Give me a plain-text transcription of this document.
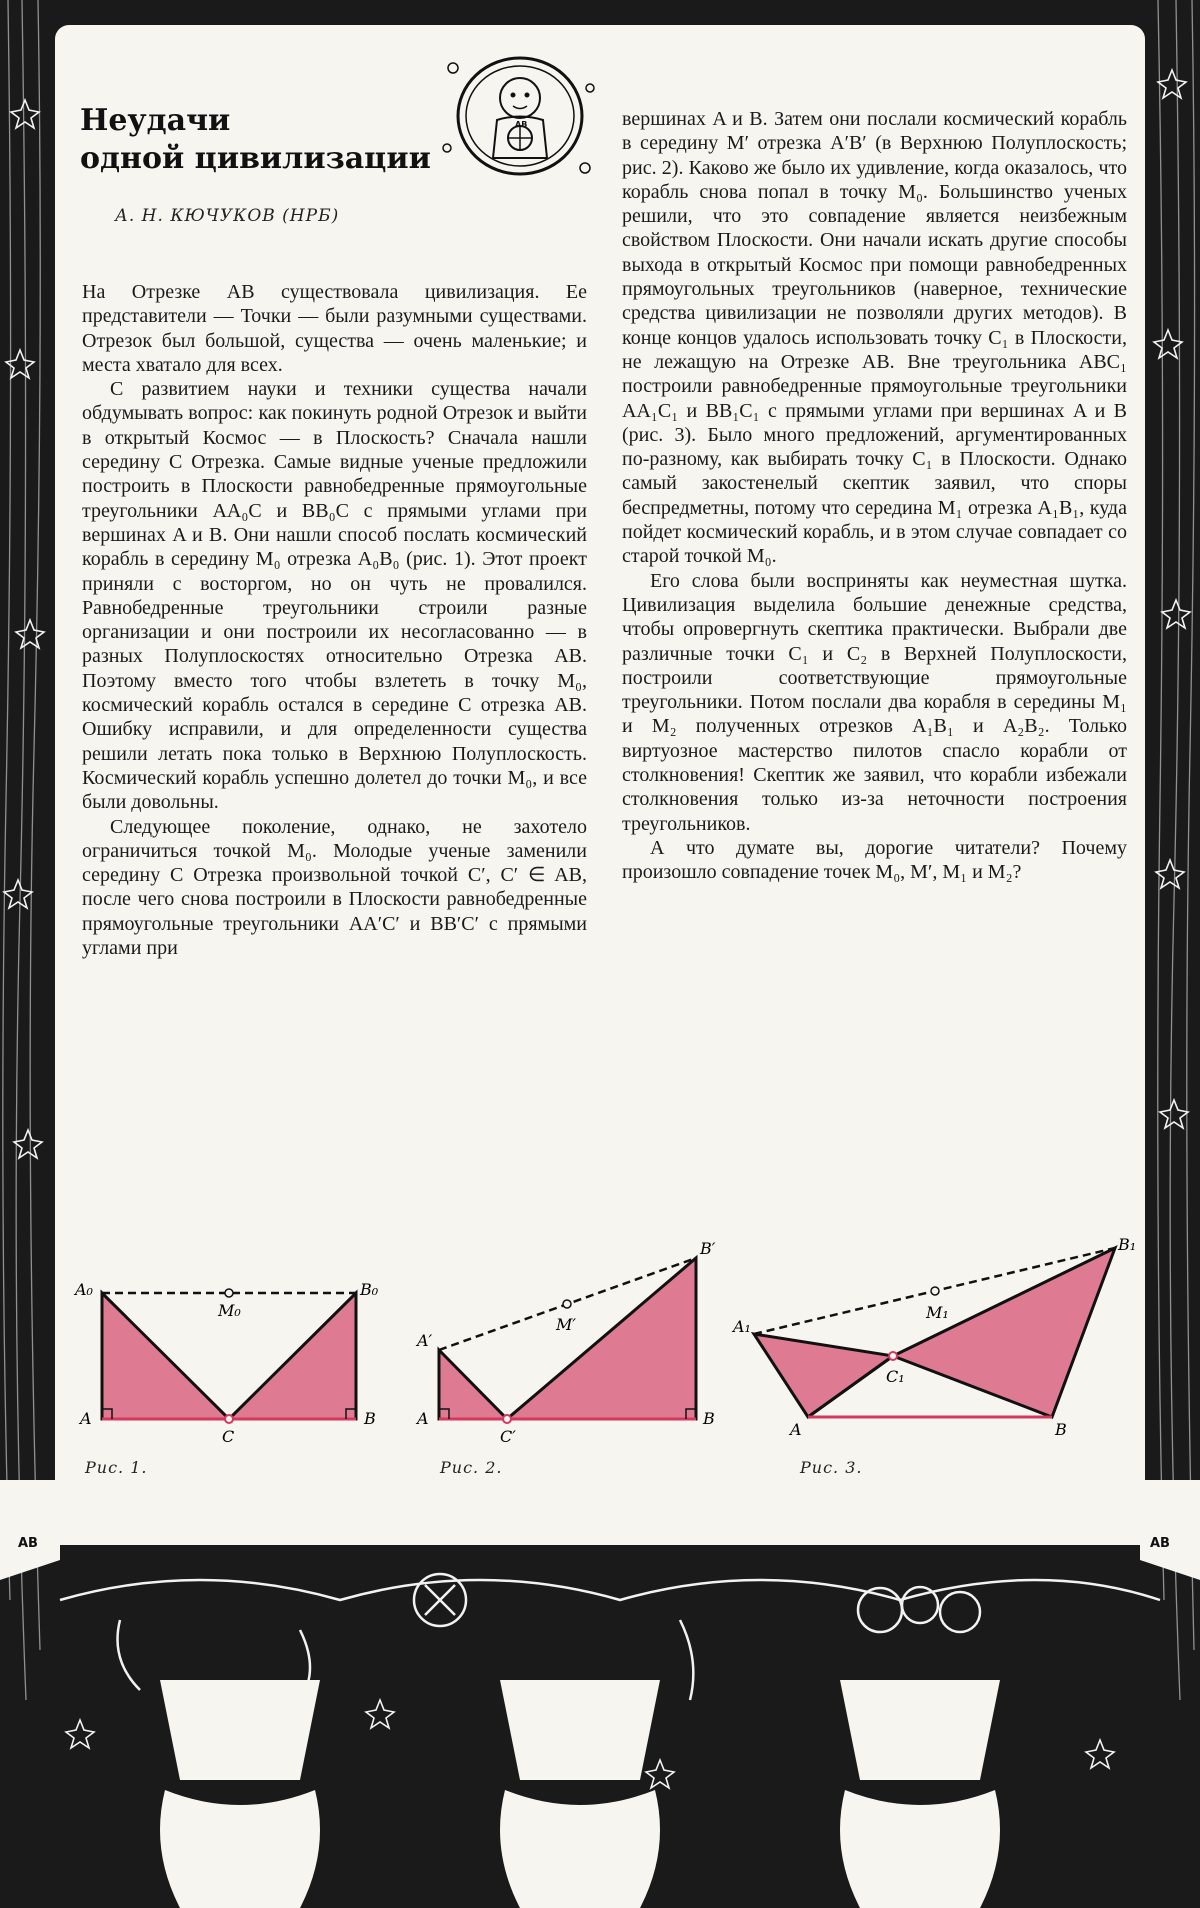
AB	AB
AB
Неудачи
одной цивилизации
А. Н. КЮЧУКОВ (НРБ)

На Отрезке AB существовала цивилизация. Ее представители — Точки — были разумными существами. Отрезок был большой, существа — очень маленькие; и места хватало для всех.

С развитием науки и техники существа начали обдумывать вопрос: как покинуть родной Отрезок и выйти в открытый Космос — в Плоскость? Сначала нашли середину C Отрезка. Самые видные ученые предложили построить в Плоскости равнобедренные прямоугольные треугольники AA₀C и BB₀C с прямыми углами при вершинах A и B. Они нашли способ послать космический корабль в середину M₀ отрезка A₀B₀ (рис. 1). Этот проект приняли с восторгом, но он чуть не провалился. Равнобедренные треугольники строили разные организации и они построили их несогласованно — в разных Полуплоскостях относительно Отрезка AB. Поэтому вместо того чтобы взлететь в точку M₀, космический корабль остался в середине C отрезка AB. Ошибку исправили, и для определенности существа решили летать пока только в Верхнюю Полуплоскость. Космический корабль успешно долетел до точки M₀, и все были довольны.

Следующее поколение, однако, не захотело ограничиться точкой M₀. Молодые ученые заменили середину C Отрезка произвольной точкой C′, C′ ∈ AB, после чего снова построили в Плоскости равнобедренные прямоугольные треугольники AA′C′ и BB′C′ с прямыми углами при

вершинах A и B. Затем они послали космический корабль в середину M′ отрезка A′B′ (в Верхнюю Полуплоскость; рис. 2). Каково же было их удивление, когда оказалось, что корабль снова попал в точку M₀. Большинство ученых решили, что это совпадение является неизбежным свойством Плоскости. Они начали искать другие способы выхода в открытый Космос при помощи равнобедренных прямоугольных треугольников (наверное, технические средства цивилизации не позволяли других методов). В конце концов удалось использовать точку C₁ в Плоскости, не лежащую на Отрезке AB. Вне треугольника ABC₁ построили равнобедренные прямоугольные треугольники AA₁C₁ и BB₁C₁ с прямыми углами при вершинах A и B (рис. 3). Было много предложений, аргументированных по-разному, как выбирать точку C₁ в Плоскости. Однако самый закостенелый скептик заявил, что споры беспредметны, потому что середина M₁ отрезка A₁B₁, куда пойдет космический корабль, и в этом случае совпадает со старой точкой M₀.

Его слова были восприняты как неуместная шутка. Цивилизация выделила большие денежные средства, чтобы опровергнуть скептика практически. Выбрали две различные точки C₁ и C₂ в Верхней Полуплоскости, построили соответствующие прямоугольные треугольники. Потом послали два корабля в середины M₁ и M₂ полученных отрезков A₁B₁ и A₂B₂. Только виртуозное мастерство пилотов спасло корабли от столкновения! Скептик же заявил, что корабли избежали столкновения только из-за неточности построения треугольников.

А что думате вы, дорогие читатели? Почему произошло совпадение точек M₀, M′, M₁ и M₂?

A₀	B₀
M₀
A	B
C
A′
B′
M′
A	B
C′
A₁
B₁
M₁
A	B
C₁
Рис. 1.	Рис. 2.	Рис. 3.
